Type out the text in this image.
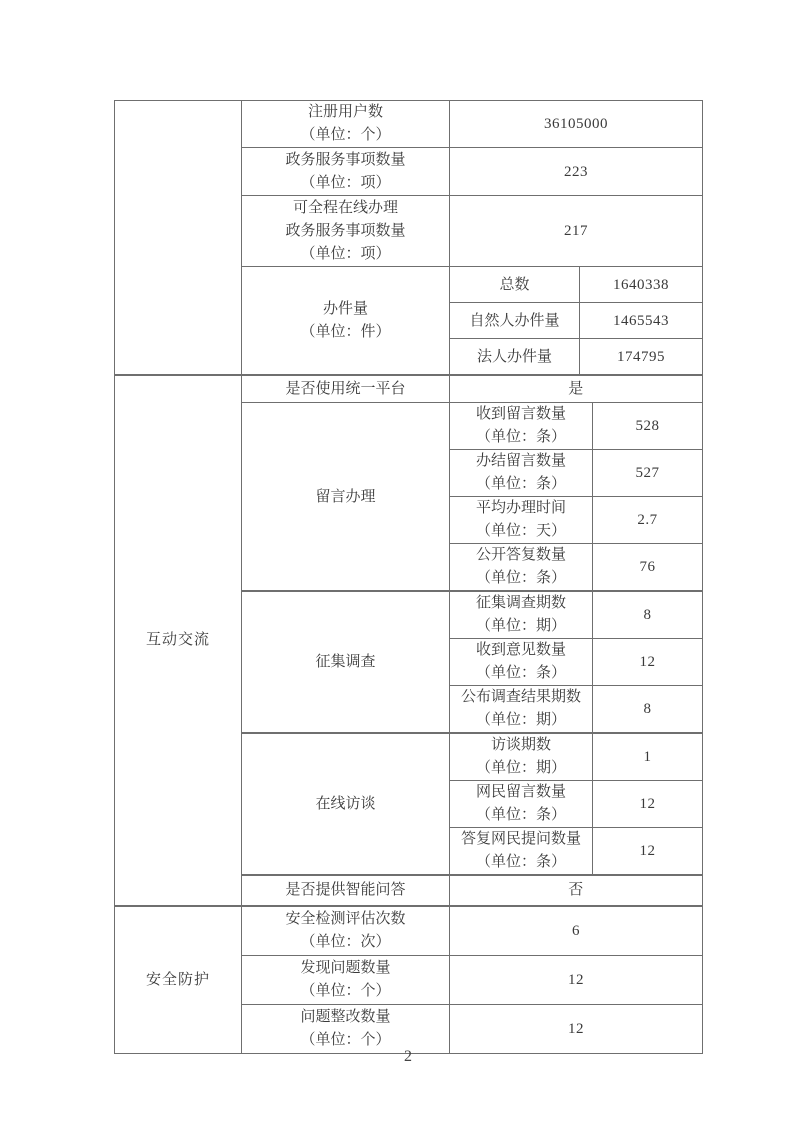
	注册用户数
（单位：个）	36105000	

	政务服务事项数量
（单位：项）	223	

	可全程在线办理
政务服务事项数量
（单位：项）	217	

	办件量
（单位：件）	总数	1640338
		自然人办件量	1465543
		法人办件量	174795
互动交流	是否使用统一平台	是	
	留言办理	收到留言数量
（单位：条）	528

		办结留言数量
（单位：条）	527

		平均办理时间
（单位：天）	2.7

		公开答复数量
（单位：条）	76
	征集调查	征集调查期数
（单位：期）	8

		收到意见数量
（单位：条）	12

		公布调查结果期数
（单位：期）	8
	在线访谈	访谈期数
（单位：期）	1

		网民留言数量
（单位：条）	12

		答复网民提问数量
（单位：条）	12
	是否提供智能问答	否	
安全防护	安全检测评估次数
（单位：次）	6

	发现问题数量
（单位：个）	12

	问题整改数量
（单位：个）	12
2
